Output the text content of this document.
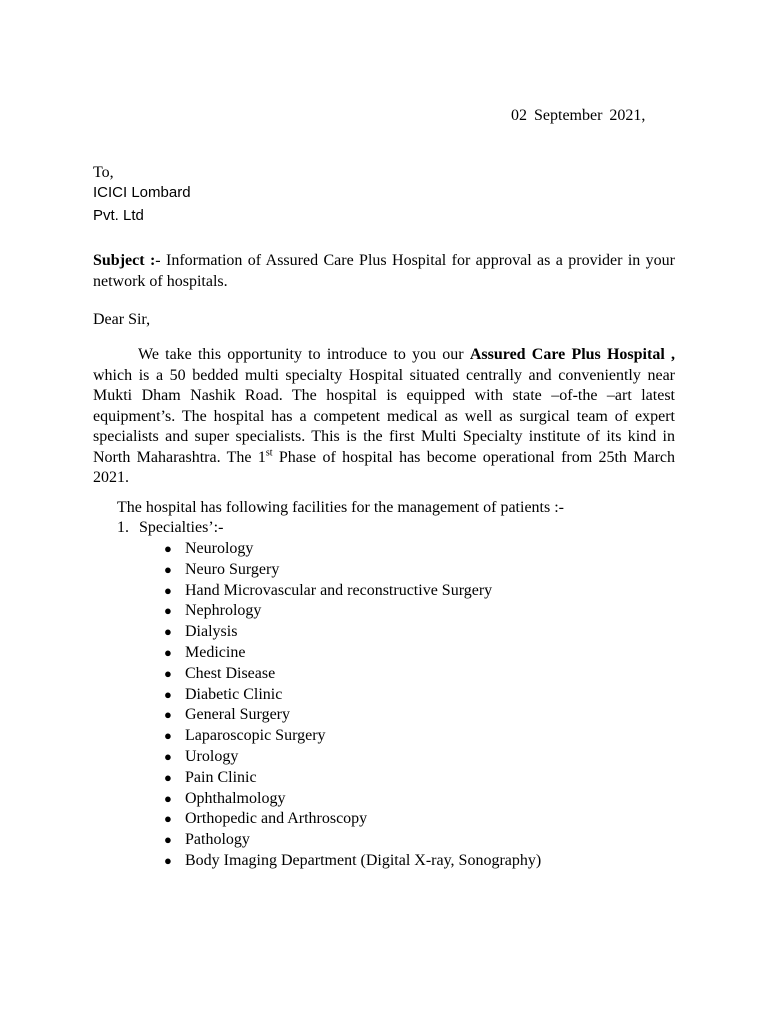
02 September 2021,
To,
ICICI Lombard
Pvt. Ltd
Subject :- Information of Assured Care Plus Hospital for approval as a provider in your network of hospitals.
Dear Sir,
We take this opportunity to introduce to you our Assured Care Plus Hospital , which is a 50 bedded multi specialty Hospital situated centrally and conveniently near Mukti Dham Nashik Road. The hospital is equipped with state –of-the –art latest equipment’s. The hospital has a competent medical as well as surgical team of expert specialists and super specialists. This is the first Multi Specialty institute of its kind in North Maharashtra. The 1st Phase of hospital has become operational from 25th March 2021.
The hospital has following facilities for the management of patients :-
1. Specialties’:-
● Neurology
● Neuro Surgery
● Hand Microvascular and reconstructive Surgery
● Nephrology
● Dialysis
● Medicine
● Chest Disease
● Diabetic Clinic
● General Surgery
● Laparoscopic Surgery
● Urology
● Pain Clinic
● Ophthalmology
● Orthopedic and Arthroscopy
● Pathology
● Body Imaging Department (Digital X-ray, Sonography)
